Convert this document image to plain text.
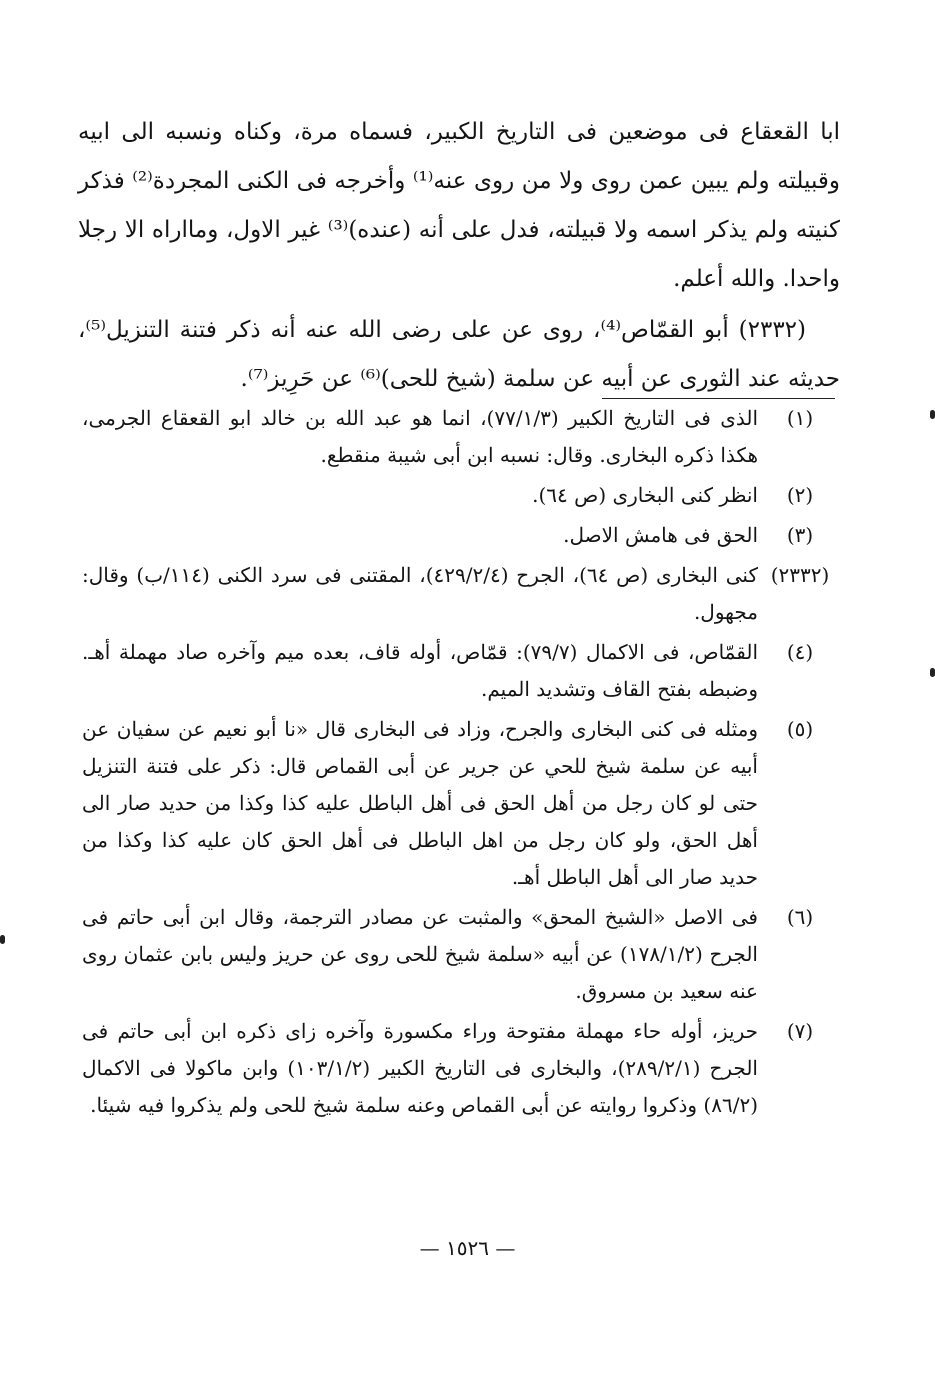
ابا القعقاع فى موضعين فى التاريخ الكبير، فسماه مرة، وكناه ونسبه الى ابيه وقبيلته ولم يبين عمن روى ولا من روى عنه⁽¹⁾ وأخرجه فى الكنى المجردة⁽²⁾ فذكر كنيته ولم يذكر اسمه ولا قبيلته، فدل على أنه (عنده)⁽³⁾ غير الاول، ومااراه الا رجلا واحدا. والله أعلم.

(٢٣٣٢) أبو القمّاص⁽⁴⁾، روى عن على رضى الله عنه أنه ذكر فتنة التنزيل⁽⁵⁾، حديثه عند الثورى عن أبيه عن سلمة (شيخ للحى)⁽⁶⁾ عن حَرِيز⁽⁷⁾.

(١)
الذى فى التاريخ الكبير (٧٧/١/٣)، انما هو عبد الله بن خالد ابو القعقاع الجرمى، هكذا ذكره البخارى. وقال: نسبه ابن أبى شيبة منقطع.
(٢)
انظر كنى البخارى (ص ٦٤).
(٣)
الحق فى هامش الاصل.
(٢٣٣٢)
كنى البخارى (ص ٦٤)، الجرح (٤٢٩/٢/٤)، المقتنى فى سرد الكنى (١١٤/ب) وقال: مجهول.
(٤)
القمّاص، فى الاكمال (٧٩/٧): قمّاص، أوله قاف، بعده ميم وآخره صاد مهملة أهـ. وضبطه بفتح القاف وتشديد الميم.
(٥)
ومثله فى كنى البخارى والجرح، وزاد فى البخارى قال «نا أبو نعيم عن سفيان عن أبيه عن سلمة شيخ للحي عن جرير عن أبى القماص قال: ذكر على فتنة التنزيل حتى لو كان رجل من أهل الحق فى أهل الباطل عليه كذا وكذا من حديد صار الى أهل الحق، ولو كان رجل من اهل الباطل فى أهل الحق كان عليه كذا وكذا من حديد صار الى أهل الباطل أهـ.
(٦)
فى الاصل «الشيخ المحق» والمثبت عن مصادر الترجمة، وقال ابن أبى حاتم فى الجرح (١٧٨/١/٢) عن أبيه «سلمة شيخ للحى روى عن حريز وليس بابن عثمان روى عنه سعيد بن مسروق.
(٧)
حريز، أوله حاء مهملة مفتوحة وراء مكسورة وآخره زاى ذكره ابن أبى حاتم فى الجرح (٢٨٩/٢/١)، والبخارى فى التاريخ الكبير (١٠٣/١/٢) وابن ماكولا فى الاكمال (٨٦/٢) وذكروا روايته عن أبى القماص وعنه سلمة شيخ للحى ولم يذكروا فيه شيئا.
— ١٥٢٦ —
